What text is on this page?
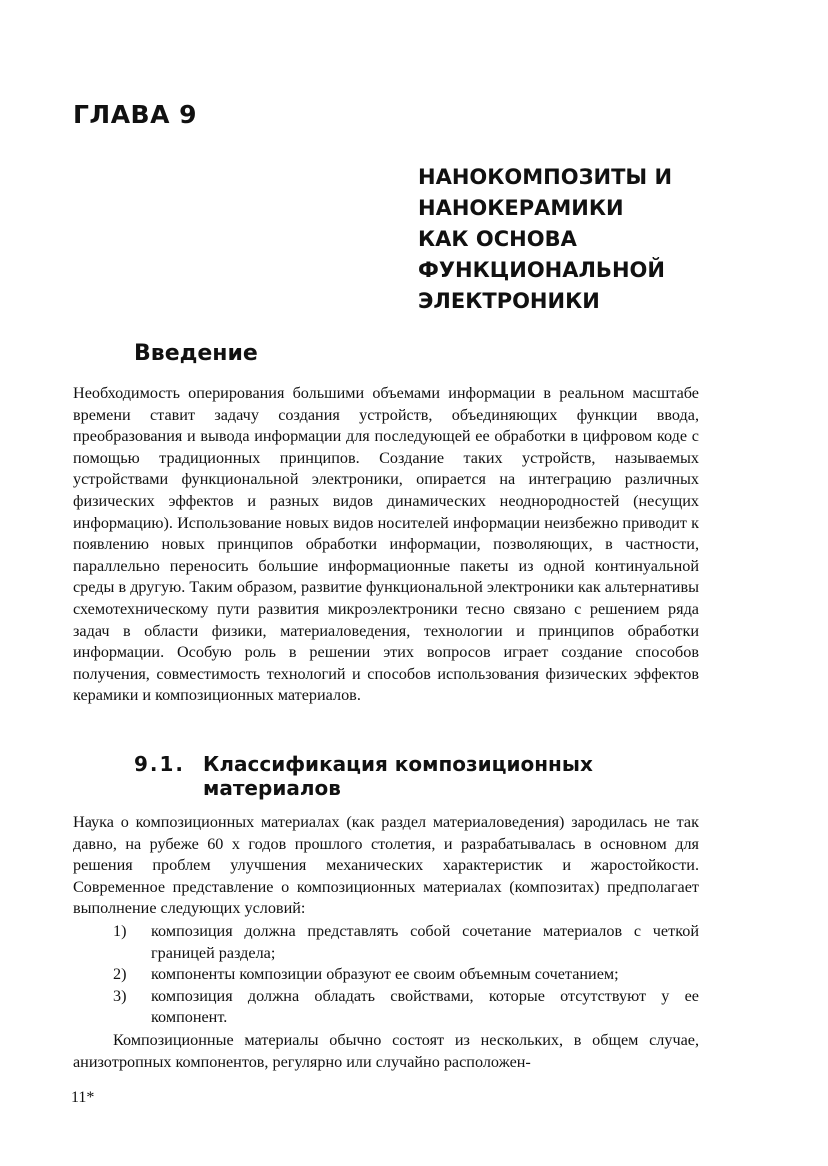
ГЛАВА 9
НАНОКОМПОЗИТЫ И
НАНОКЕРАМИКИ
КАК ОСНОВА
ФУНКЦИОНАЛЬНОЙ
ЭЛЕКТРОНИКИ
Введение

Необходимость оперирования большими объемами информации в реальном масштабе времени ставит задачу создания устройств, объединяющих функции ввода, преобразования и вывода информации для последующей ее обработки в цифровом коде с помощью традиционных принципов. Создание таких устройств, называемых устройствами функциональной электроники, опирается на интеграцию различных физических эффектов и разных видов динамических неоднородностей (несущих информацию). Использование новых видов носителей информации неизбежно приводит к появлению новых принципов обработки информации, позволяющих, в частности, параллельно переносить большие информационные пакеты из одной континуальной среды в другую. Таким образом, развитие функциональной электроники как альтернативы схемотехническому пути развития микроэлектроники тесно связано с решением ряда задач в области физики, материаловедения, технологии и принципов обработки информации. Особую роль в решении этих вопросов играет создание способов получения, совместимость технологий и способов использования физических эффектов керамики и композиционных материалов.

9.1. Классификация композиционных материалов

Наука о композиционных материалах (как раздел материаловедения) зародилась не так давно, на рубеже 60 х годов прошлого столетия, и разрабатывалась в основном для решения проблем улучшения механических характеристик и жаростойкости. Современное представление о композиционных материалах (композитах) предполагает выполнение следующих условий:

1) композиция должна представлять собой сочетание материалов с четкой границей раздела;
2) компоненты композиции образуют ее своим объемным сочетанием;
3) композиция должна обладать свойствами, которые отсутствуют у ее компонент.

Композиционные материалы обычно состоят из нескольких, в общем случае, анизотропных компонентов, регулярно или случайно расположен-

11*
